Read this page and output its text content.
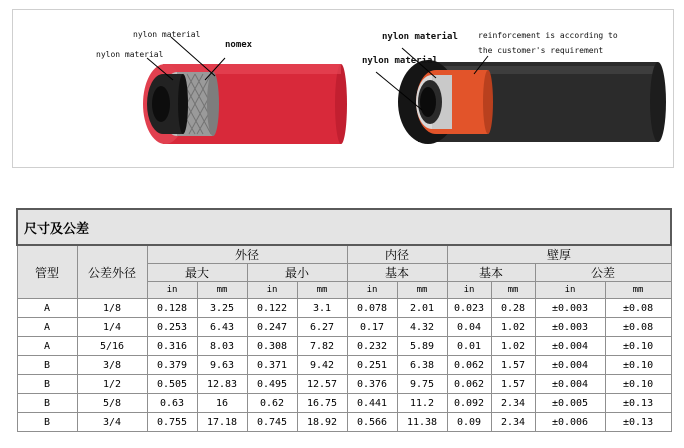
nylon material
nylon material
nomex
nylon material
nylon material
reinforcement is according to
the customer's requirement
尺寸及公差											
管型	公差外径	外径				内径		壁厚			
		最大		最小		基本		基本		公差	
		in	mm	in	mm	in	mm	in	mm	in	mm
A	1/8	0.128	3.25	0.122	3.1	0.078	2.01	0.023	0.28	±0.003	±0.08
A	1/4	0.253	6.43	0.247	6.27	0.17	4.32	0.04	1.02	±0.003	±0.08
A	5/16	0.316	8.03	0.308	7.82	0.232	5.89	0.01	1.02	±0.004	±0.10
B	3/8	0.379	9.63	0.371	9.42	0.251	6.38	0.062	1.57	±0.004	±0.10
B	1/2	0.505	12.83	0.495	12.57	0.376	9.75	0.062	1.57	±0.004	±0.10
B	5/8	0.63	16	0.62	16.75	0.441	11.2	0.092	2.34	±0.005	±0.13
B	3/4	0.755	17.18	0.745	18.92	0.566	11.38	0.09	2.34	±0.006	±0.13
